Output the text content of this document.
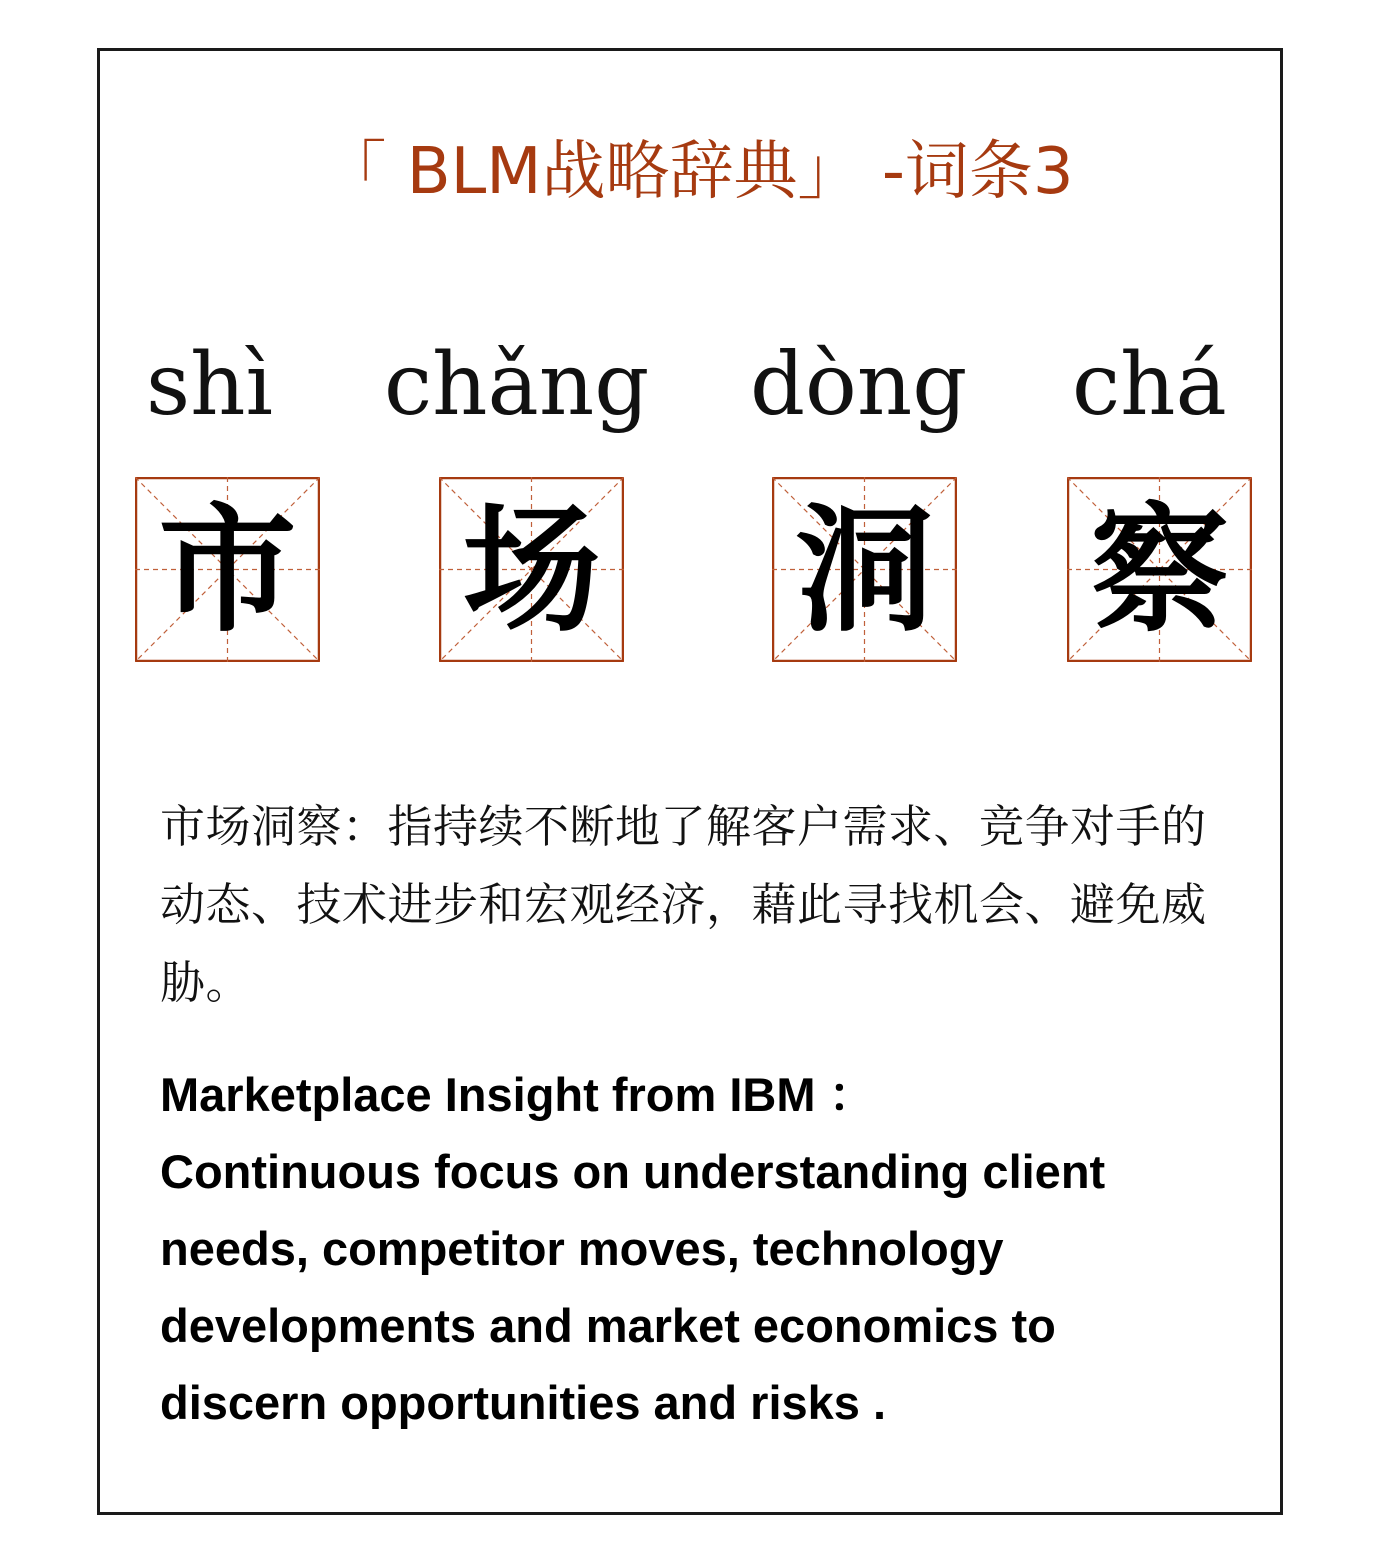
「 BLM战略辞典」 -词条3
shì chǎng dòng chá
市 场 洞 察
市场洞察：指持续不断地了解客户需求、竞争对手的动态、技术进步和宏观经济，藉此寻找机会、避免威胁。
Marketplace Insight from IBM ：
Continuous focus on understanding client
needs, competitor moves, technology
developments and market economics to
discern opportunities and risks .
